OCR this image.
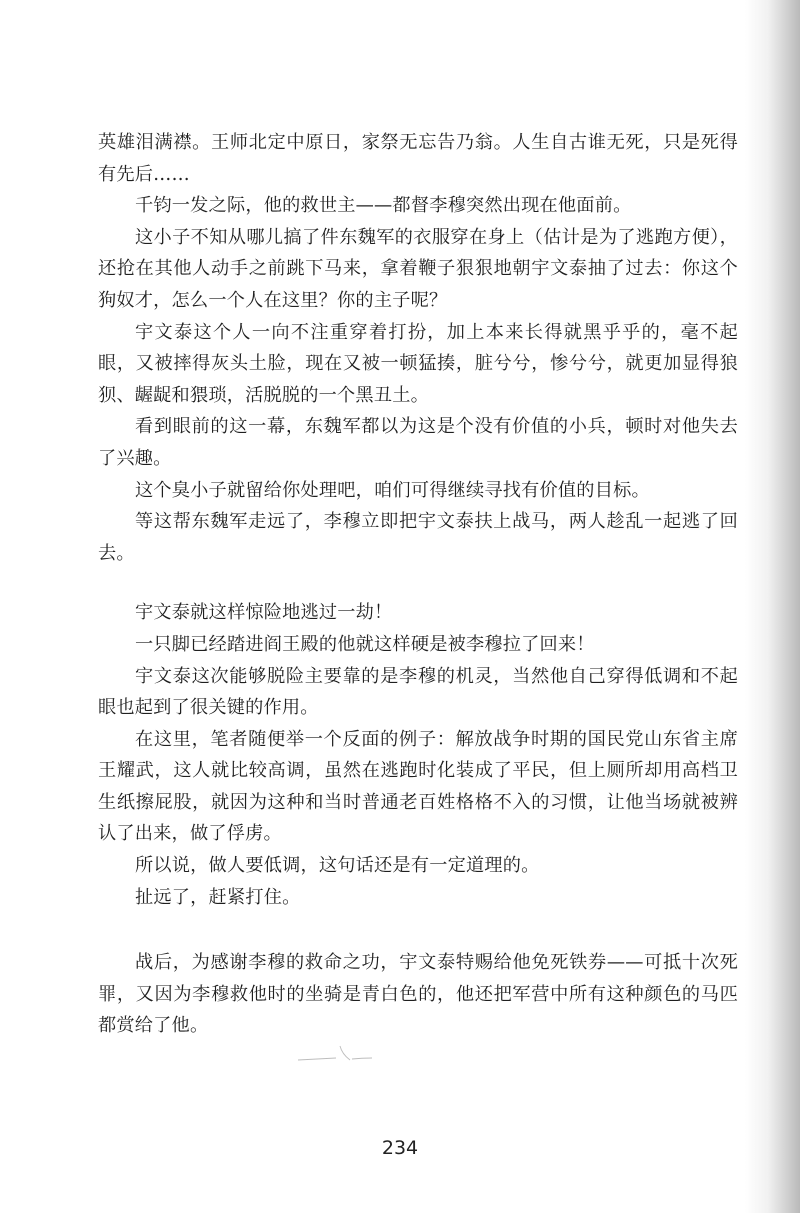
英雄泪满襟。王师北定中原日，家祭无忘告乃翁。人生自古谁无死，只是死得有先后……

千钧一发之际，他的救世主——都督李穆突然出现在他面前。

这小子不知从哪儿搞了件东魏军的衣服穿在身上（估计是为了逃跑方便），还抢在其他人动手之前跳下马来，拿着鞭子狠狠地朝宇文泰抽了过去：你这个狗奴才，怎么一个人在这里？你的主子呢？

宇文泰这个人一向不注重穿着打扮，加上本来长得就黑乎乎的，毫不起眼，又被摔得灰头土脸，现在又被一顿猛揍，脏兮兮，惨兮兮，就更加显得狼狈、龌龊和猥琐，活脱脱的一个黑丑土。

看到眼前的这一幕，东魏军都以为这是个没有价值的小兵，顿时对他失去了兴趣。

这个臭小子就留给你处理吧，咱们可得继续寻找有价值的目标。

等这帮东魏军走远了，李穆立即把宇文泰扶上战马，两人趁乱一起逃了回去。

宇文泰就这样惊险地逃过一劫！

一只脚已经踏进阎王殿的他就这样硬是被李穆拉了回来！

宇文泰这次能够脱险主要靠的是李穆的机灵，当然他自己穿得低调和不起眼也起到了很关键的作用。

在这里，笔者随便举一个反面的例子：解放战争时期的国民党山东省主席王耀武，这人就比较高调，虽然在逃跑时化装成了平民，但上厕所却用高档卫生纸擦屁股，就因为这种和当时普通老百姓格格不入的习惯，让他当场就被辨认了出来，做了俘虏。

所以说，做人要低调，这句话还是有一定道理的。

扯远了，赶紧打住。

战后，为感谢李穆的救命之功，宇文泰特赐给他免死铁券——可抵十次死罪，又因为李穆救他时的坐骑是青白色的，他还把军营中所有这种颜色的马匹都赏给了他。

234
